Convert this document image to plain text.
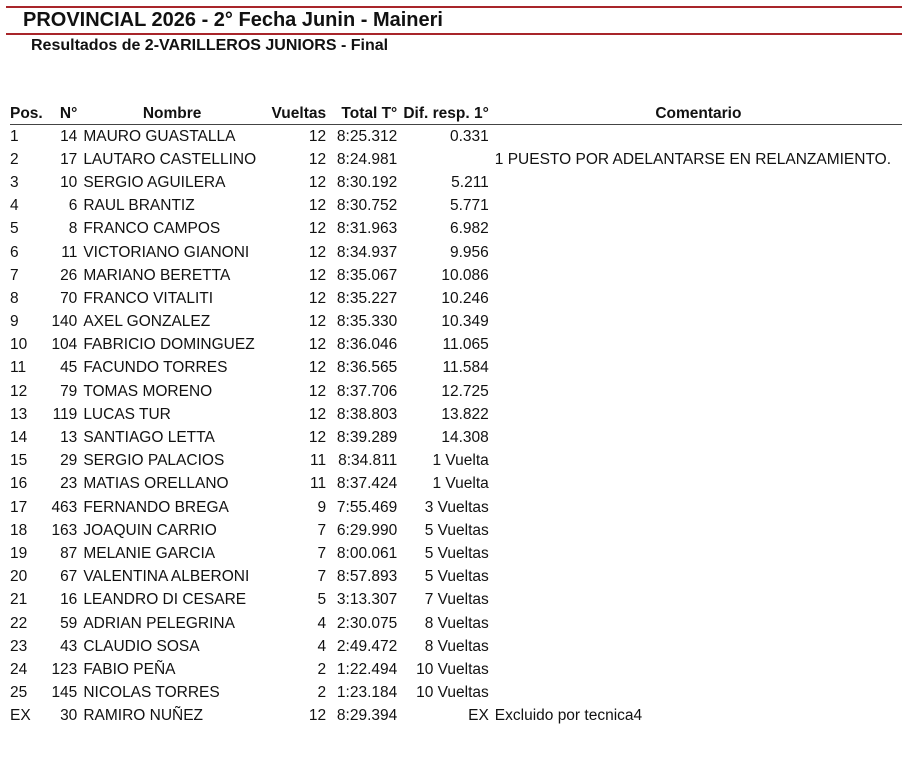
PROVINCIAL 2026 - 2° Fecha Junin - Maineri
Resultados de 2-VARILLEROS JUNIORS - Final
Pos.	N°	Nombre	Vueltas	Total T°	Dif. resp. 1°	Comentario
1	14	MAURO GUASTALLA	12	8:25.312	0.331	
2	17	LAUTARO CASTELLINO	12	8:24.981		1 PUESTO POR ADELANTARSE EN RELANZAMIENTO.
3	10	SERGIO AGUILERA	12	8:30.192	5.211	
4	6	RAUL BRANTIZ	12	8:30.752	5.771	
5	8	FRANCO CAMPOS	12	8:31.963	6.982	
6	11	VICTORIANO GIANONI	12	8:34.937	9.956	
7	26	MARIANO BERETTA	12	8:35.067	10.086	
8	70	FRANCO VITALITI	12	8:35.227	10.246	
9	140	AXEL GONZALEZ	12	8:35.330	10.349	
10	104	FABRICIO DOMINGUEZ	12	8:36.046	11.065	
11	45	FACUNDO TORRES	12	8:36.565	11.584	
12	79	TOMAS MORENO	12	8:37.706	12.725	
13	119	LUCAS TUR	12	8:38.803	13.822	
14	13	SANTIAGO LETTA	12	8:39.289	14.308	
15	29	SERGIO PALACIOS	11	8:34.811	1 Vuelta	
16	23	MATIAS ORELLANO	11	8:37.424	1 Vuelta	
17	463	FERNANDO BREGA	9	7:55.469	3 Vueltas	
18	163	JOAQUIN CARRIO	7	6:29.990	5 Vueltas	
19	87	MELANIE GARCIA	7	8:00.061	5 Vueltas	
20	67	VALENTINA ALBERONI	7	8:57.893	5 Vueltas	
21	16	LEANDRO DI CESARE	5	3:13.307	7 Vueltas	
22	59	ADRIAN PELEGRINA	4	2:30.075	8 Vueltas	
23	43	CLAUDIO SOSA	4	2:49.472	8 Vueltas	
24	123	FABIO PEÑA	2	1:22.494	10 Vueltas	
25	145	NICOLAS TORRES	2	1:23.184	10 Vueltas	
EX	30	RAMIRO NUÑEZ	12	8:29.394	EX	Excluido por tecnica4
